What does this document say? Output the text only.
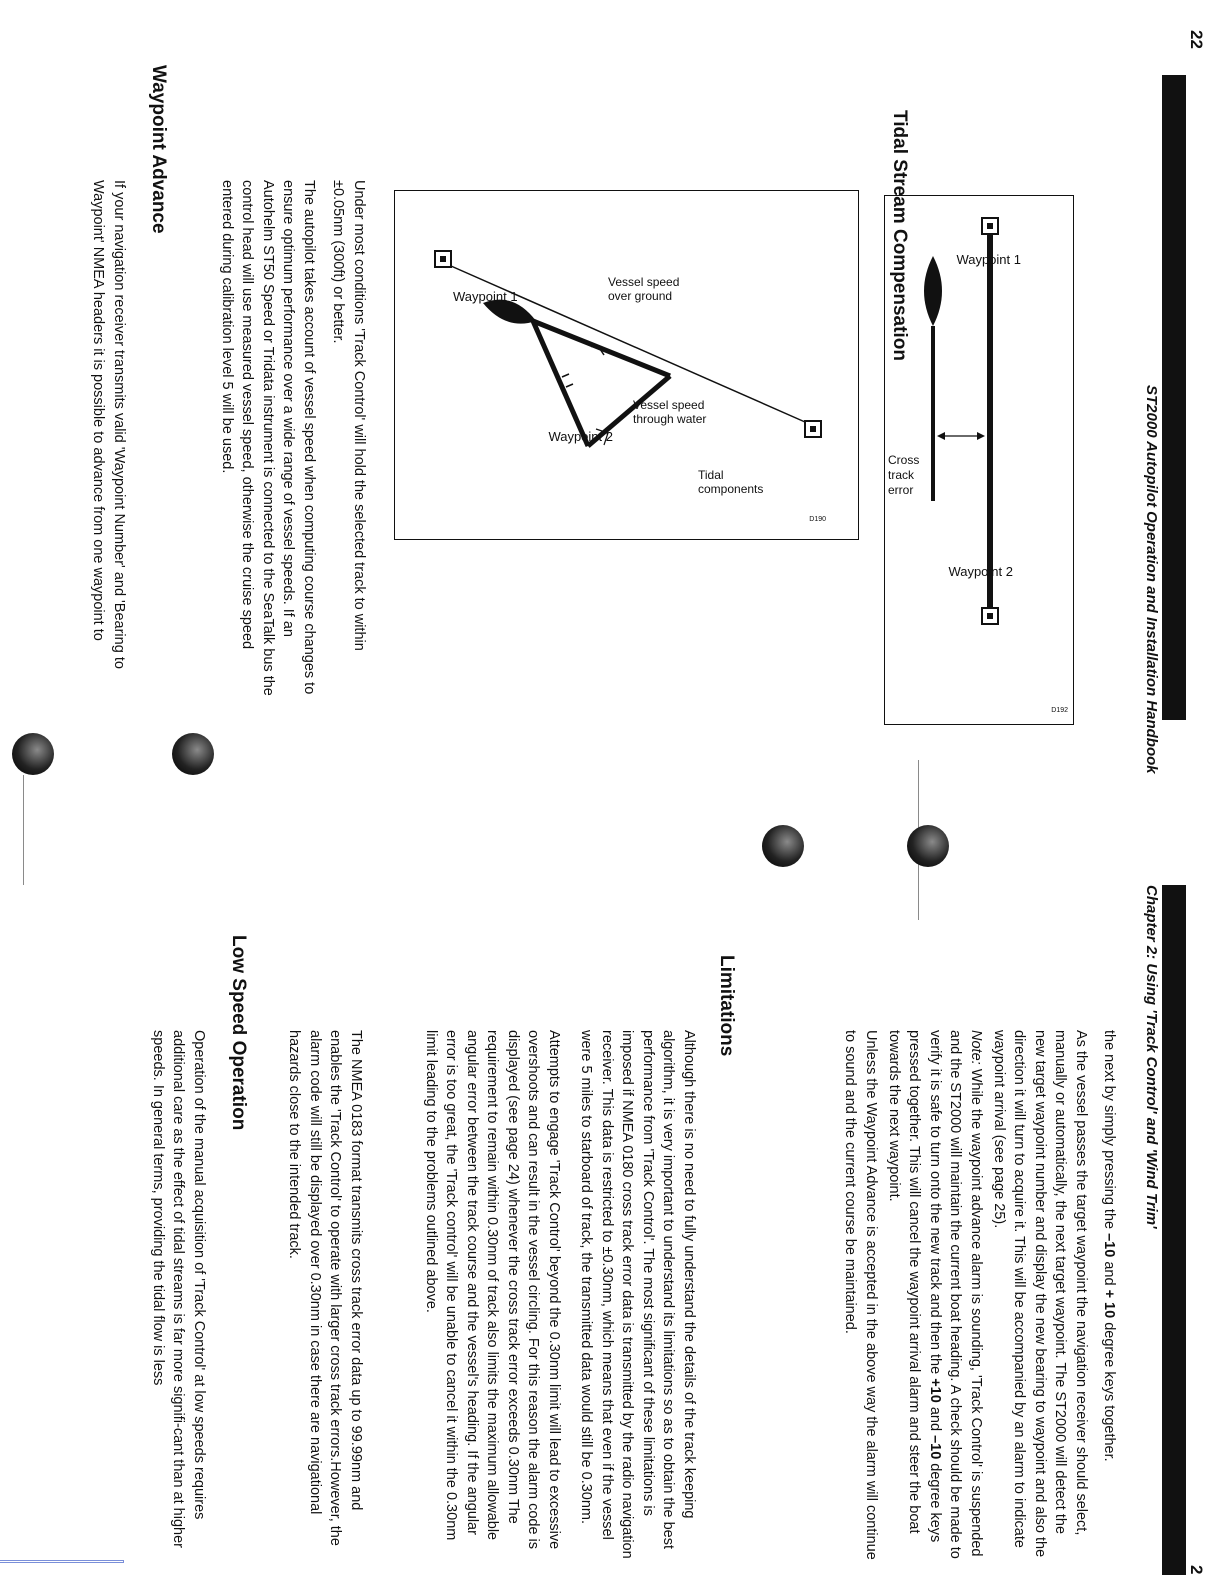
22
ST2000 Autopilot Operation and Installation Handbook
Waypoint 1
Waypoint 2
Cross
track
error
D192
Tidal Stream Compensation
Vessel speed
over ground
Vessel speed
through water
Tidal
components
Waypoint 2
Waypoint 1
D190

Under most conditions 'Track Control' will hold the selected track to within ±0.05nm (300ft) or better.

The autopilot takes account of vessel speed when computing course changes to ensure optimum performance over a wide range of vessel speeds. If an Autohelm ST50 Speed or Tridata instrument is connected to the SeaTalk bus the control head will use measured vessel speed, otherwise the cruise speed entered during calibration level 5 will be used.

Waypoint Advance

If your navigation receiver transmits valid 'Waypoint Number' and 'Bearing to Waypoint' NMEA headers it is possible to advance from one waypoint to

Chapter 2: Using 'Track Control' and 'Wind Trim'
2

the next by simply pressing the –10 and + 10 degree keys together.

As the vessel passes the target waypoint the navigation receiver should select, manually or automatically, the next target waypoint. The ST2000 will detect the new target waypoint number and display the new bearing to waypoint and also the direction it will turn to acquire it. This will be accompanied by an alarm to indicate waypoint arrival (see page 25).

Note: While the waypoint advance alarm is sounding, 'Track Control' is suspended and the ST2000 will maintain the current boat heading. A check should be made to verify it is safe to turn onto the new track and then the +10 and –10 degree keys pressed together. This will cancel the waypoint arrival alarm and steer the boat towards the next waypoint.

Unless the Waypoint Advance is accepted in the above way the alarm will continue to sound and the current course be maintained.

Limitations

Although there is no need to fully understand the details of the track keeping algorithm, it is very important to understand its limitations so as to obtain the best performance from 'Track Control'. The most significant of these limitations is imposed if NMEA 0180 cross track error data is transmitted by the radio navigation receiver. This data is restricted to ±0.30nm, which means that even if the vessel were 5 miles to starboard of track, the transmitted data would still be 0.30nm.

Attempts to engage 'Track Control' beyond the 0.30nm limit will lead to excessive overshoots and can result in the vessel circling. For this reason the alarm code is displayed (see page 24) whenever the cross track error exceeds 0.30nm The requirement to remain within 0.30nm of track also limits the maximum allowable angular error between the track course and the vessel's heading. If the angular error is too great, the 'Track control' will be unable to cancel it within the 0.30nm limit leading to the problems outlined above.

The NMEA 0183 format transmits cross track error data up to 99.99nm and enables the 'Track Control' to operate with larger cross track errors.However, the alarm code will still be displayed over 0.30nm in case there are navigational hazards close to the intended track.

Low Speed Operation

Operation of the manual acquisition of 'Track Control' at low speeds requires additional care as the effect of tidal streams is far more signifi-cant than at higher speeds. In general terms, providing the tidal flow is less
